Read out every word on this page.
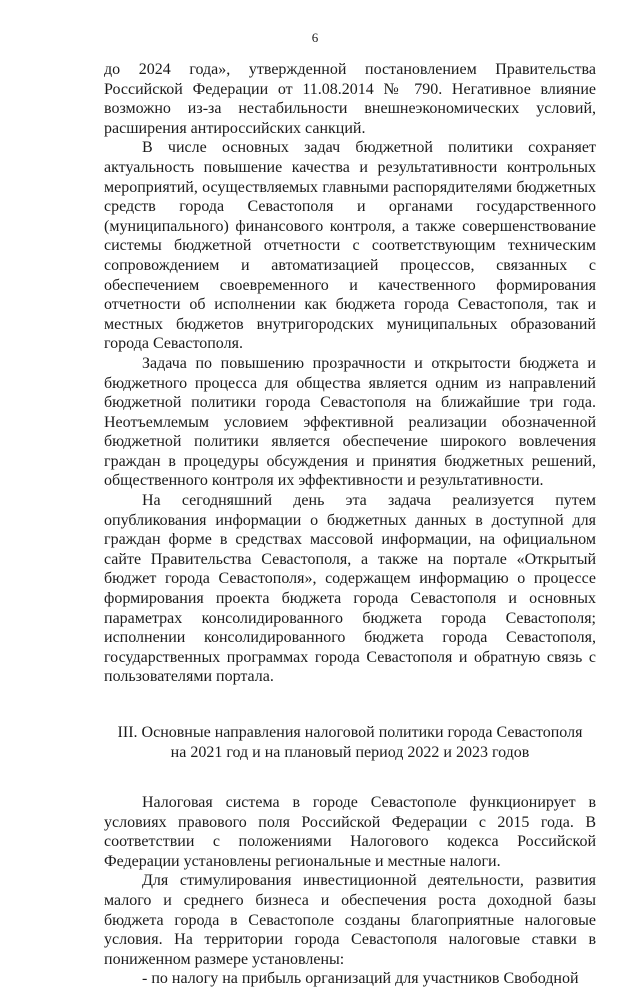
6

до 2024 года», утвержденной постановлением Правительства Российской Федерации от 11.08.2014 № 790. Негативное влияние возможно из-за нестабильности внешнеэкономических условий, расширения антироссийских санкций.

В числе основных задач бюджетной политики сохраняет актуальность повышение качества и результативности контрольных мероприятий, осуществляемых главными распорядителями бюджетных средств города Севастополя и органами государственного (муниципального) финансового контроля, а также совершенствование системы бюджетной отчетности с соответствующим техническим сопровождением и автоматизацией процессов, связанных с обеспечением своевременного и качественного формирования отчетности об исполнении как бюджета города Севастополя, так и местных бюджетов внутригородских муниципальных образований города Севастополя.

Задача по повышению прозрачности и открытости бюджета и бюджетного процесса для общества является одним из направлений бюджетной политики города Севастополя на ближайшие три года. Неотъемлемым условием эффективной реализации обозначенной бюджетной политики является обеспечение широкого вовлечения граждан в процедуры обсуждения и принятия бюджетных решений, общественного контроля их эффективности и результативности.

На сегодняшний день эта задача реализуется путем опубликования информации о бюджетных данных в доступной для граждан форме в средствах массовой информации, на официальном сайте Правительства Севастополя, а также на портале «Открытый бюджет города Севастополя», содержащем информацию о процессе формирования проекта бюджета города Севастополя и основных параметрах консолидированного бюджета города Севастополя; исполнении консолидированного бюджета города Севастополя, государственных программах города Севастополя и обратную связь с пользователями портала.

III. Основные направления налоговой политики города Севастополя
на 2021 год и на плановый период 2022 и 2023 годов

Налоговая система в городе Севастополе функционирует в условиях правового поля Российской Федерации с 2015 года. В соответствии с положениями Налогового кодекса Российской Федерации установлены региональные и местные налоги.

Для стимулирования инвестиционной деятельности, развития малого и среднего бизнеса и обеспечения роста доходной базы бюджета города в Севастополе созданы благоприятные налоговые условия. На территории города Севастополя налоговые ставки в пониженном размере установлены:

- по налогу на прибыль организаций для участников Свободной
